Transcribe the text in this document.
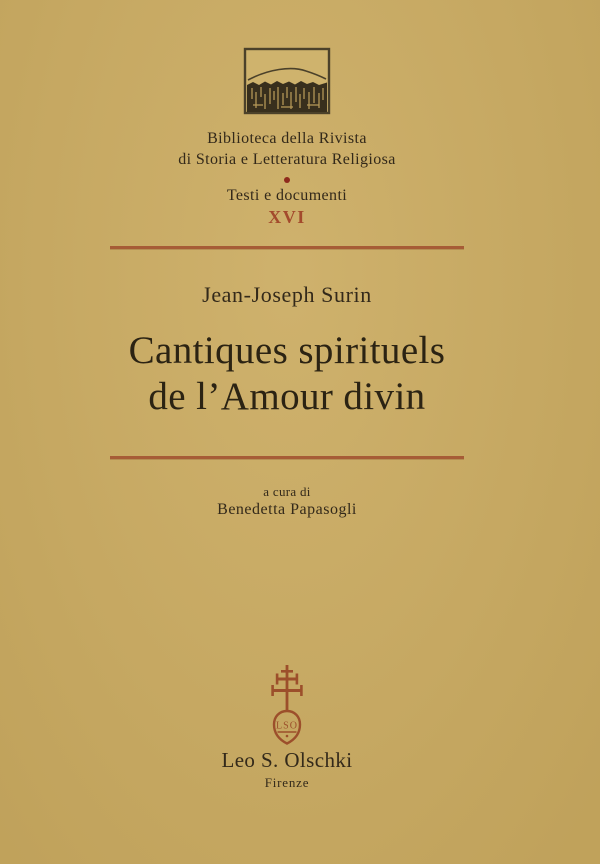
Biblioteca della Rivista
di Storia e Letteratura Religiosa
Testi e documenti
XVI
Jean-Joseph Surin
Cantiques spirituels
de l’Amour divin
a cura di
Benedetta Papasogli
LSO
Leo S. Olschki
Firenze
